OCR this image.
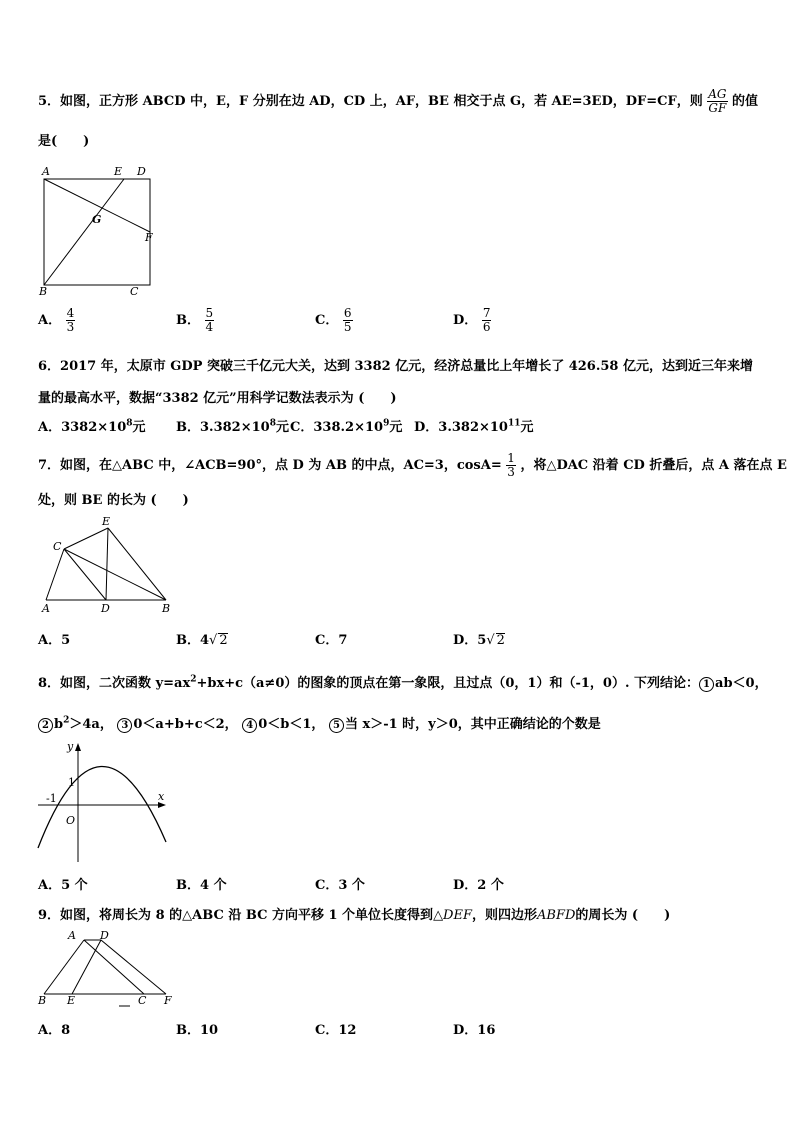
5．如图，正方形 ABCD 中，E，F 分别在边 AD，CD 上，AF，BE 相交于点 G，若 AE=3ED，DF=CF，则 $\frac{AG}{GF}$ 的值
是(　　)
A	E D
G
F
B	C
A． $\frac{4}{3}$	B． $\frac{5}{4}$	C． $\frac{6}{5}$	D． $\frac{7}{6}$
6．2017 年，太原市 GDP 突破三千亿元大关，达到 3382 亿元，经济总量比上年增长了 426.58 亿元，达到近三年来增
量的最高水平，数据“3382 亿元”用科学记数法表示为 (　　)
A．$3382\times 10^8$元 B．$3.382\times 10^8$元 C．$338.2\times 10^9$元 D．$3.382\times 10^{11}$元
7．如图，在△ABC 中，∠ACB=90°，点 D 为 AB 的中点，AC=3，$\cos A= \frac{1}{3}$ ，将△DAC 沿着 CD 折叠后，点 A 落在点 E
处，则 BE 的长为 (　　)
E
C
A	D	B
A．5	B．4√ 2	C．7	D．5√ 2
8．如图，二次函数 $y=ax^2+bx+c(a\ne 0)$的图象的顶点在第一象限，且过点（0，1）和（-1，0）. 下列结论： 1 ab＜0，
2 $b^2>4a$， 3 0＜a+b+c＜2， 4 0＜b＜1， 5 当 x＞-1 时，y＞0，其中正确结论的个数是
y
x
1
-1
O
A．5 个	B．4 个	C．3 个	D．2 个
9．如图，将周长为 8 的△ABC 沿 BC 方向平移 1 个单位长度得到△DEF，则四边形ABFD的周长为 (　　)
A D
B E	C F
A．8	B．10	C．12	D．16
